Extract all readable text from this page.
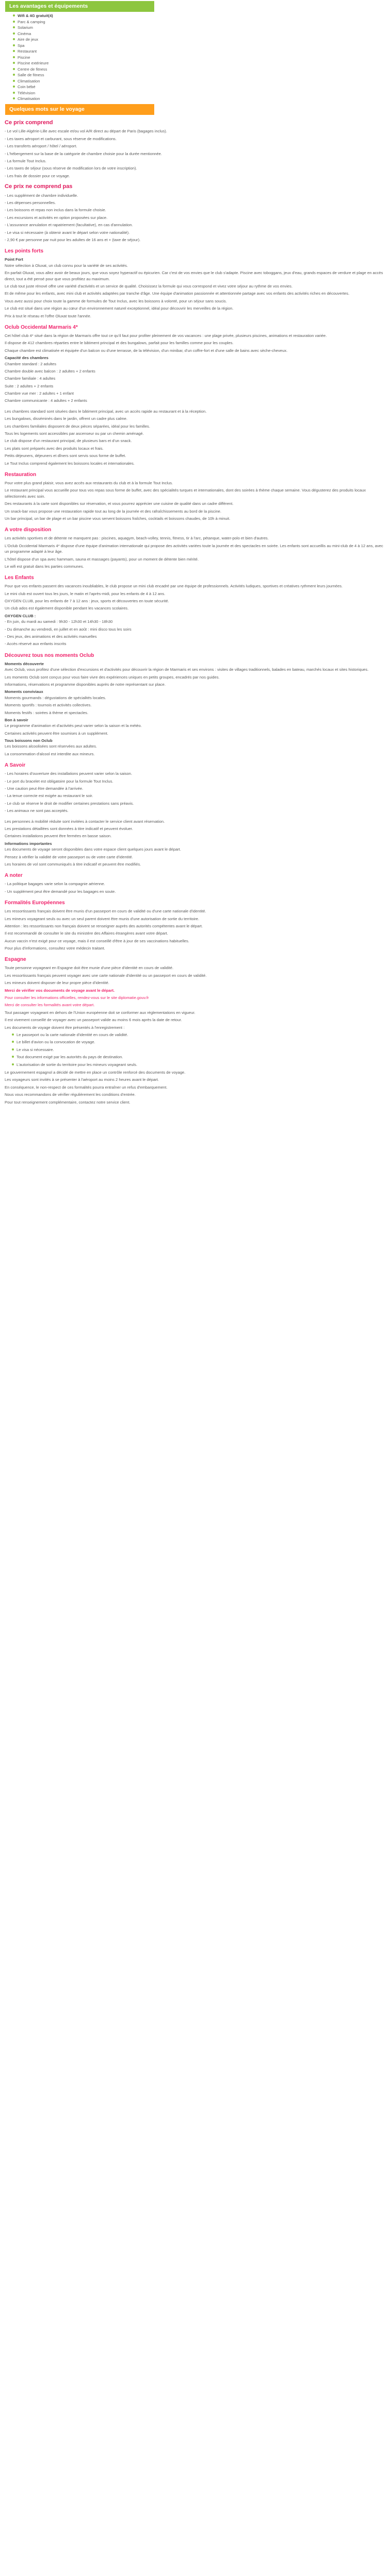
Les avantages et équipements
Wifi & 4G gratuit(4)
Parc & camping
Solarium
Cinéma
Aire de jeux
Spa
Restaurant
Piscine
Piscine extérieure
Centre de fitness
Salle de fitness
Climatisation
Coin bébé
Télévision
Climatisation
Quelques mots sur le voyage
Ce prix comprend

- Le vol Lille-Algérie-Lille avec escale et/ou vol A/R direct au départ de Paris (bagages inclus).

- Les taxes aéroport et carburant, sous réserve de modifications.

- Les transferts aéroport / hôtel / aéroport.

- L'hébergement sur la base de la catégorie de chambre choisie pour la durée mentionnée.

- La formule Tout Inclus.

- Les taxes de séjour (sous réserve de modification lors de votre inscription).

- Les frais de dossier pour ce voyage.

Ce prix ne comprend pas

- Les supplément de chambre individuelle.

- Les dépenses personnelles.

- Les boissons et repas non inclus dans la formule choisie.

- Les excursions et activités en option proposées sur place.

- L'assurance annulation et rapatriement (facultative), en cas d'annulation.

- Le visa si nécessaire (à obtenir avant le départ selon votre nationalité).

- 2,90 € par personne par nuit pour les adultes de 16 ans et + (taxe de séjour).

Les points forts
Point Fort

Notre sélection à Oluxat, un club connu pour la variété de ses activités.

En parfait Oluxat, vous allez avoir de beaux jours, que vous soyez hyperactif ou épicurien. Car c'est de vos envies que le club s'adapte. Piscine avec toboggans, jeux d'eau, grands espaces de verdure et plage en accès direct, tout a été pensé pour que vous profitiez au maximum.

Le club tout juste rénové offre une variété d'activités et un service de qualité. Choisissez la formule qui vous correspond et vivez votre séjour au rythme de vos envies.

Et de même pour les enfants, avec mini club et activités adaptées par tranche d'âge. Une équipe d'animation passionnée et attentionnée partage avec vos enfants des activités riches en découvertes.

Vous avez aussi pour choix toute la gamme de formules de Tout Inclus, avec les boissons à volonté, pour un séjour sans soucis.

Le club est situé dans une région au cœur d'un environnement naturel exceptionnel, idéal pour découvrir les merveilles de la région.

Prix à tout le réseau et l'offre Oluxat toute l'année.

Oclub Occidental Marmaris 4*

Cet hôtel club 4* situé dans la région de Marmaris offre tout ce qu'il faut pour profiter pleinement de vos vacances : une plage privée, plusieurs piscines, animations et restauration variée.

Il dispose de 412 chambres réparties entre le bâtiment principal et des bungalows, parfait pour les familles comme pour les couples.

Chaque chambre est climatisée et équipée d'un balcon ou d'une terrasse, de la télévision, d'un minibar, d'un coffre-fort et d'une salle de bains avec sèche-cheveux.

Capacité des chambres

Chambre standard : 2 adultes

Chambre double avec balcon : 2 adultes + 2 enfants

Chambre familiale : 4 adultes

Suite : 2 adultes + 2 enfants

Chambre vue mer : 2 adultes + 1 enfant

Chambre communicante : 4 adultes + 2 enfants

Les chambres standard sont situées dans le bâtiment principal, avec un accès rapide au restaurant et à la réception.

Les bungalows, disséminés dans le jardin, offrent un cadre plus calme.

Les chambres familiales disposent de deux pièces séparées, idéal pour les familles.

Tous les logements sont accessibles par ascenseur ou par un chemin aménagé.

Le club dispose d'un restaurant principal, de plusieurs bars et d'un snack.

Les plats sont préparés avec des produits locaux et frais.

Petits déjeuners, déjeuners et dîners sont servis sous forme de buffet.

Le Tout Inclus comprend également les boissons locales et internationales.

Restauration

Pour votre plus grand plaisir, vous avez accès aux restaurants du club et à la formule Tout Inclus.

Le restaurant principal vous accueille pour tous vos repas sous forme de buffet, avec des spécialités turques et internationales, dont des soirées à thème chaque semaine. Vous dégusterez des produits locaux sélectionnés avec soin.

Des restaurants à la carte sont disponibles sur réservation, et vous pourrez apprécier une cuisine de qualité dans un cadre différent.

Un snack-bar vous propose une restauration rapide tout au long de la journée et des rafraîchissements au bord de la piscine.

Un bar principal, un bar de plage et un bar piscine vous servent boissons fraîches, cocktails et boissons chaudes, de 10h à minuit.

A votre disposition

Les activités sportives et de détente ne manquent pas : piscines, aquagym, beach-volley, tennis, fitness, tir à l'arc, pétanque, water-polo et bien d'autres.

L'Oclub Occidental Marmaris 4* dispose d'une équipe d'animation internationale qui propose des activités variées toute la journée et des spectacles en soirée. Les enfants sont accueillis au mini-club de 4 à 12 ans, avec un programme adapté à leur âge.

L'hôtel dispose d'un spa avec hammam, sauna et massages (payants), pour un moment de détente bien mérité.

Le wifi est gratuit dans les parties communes.

Les Enfants

Pour que vos enfants passent des vacances inoubliables, le club propose un mini club encadré par une équipe de professionnels. Activités ludiques, sportives et créatives rythment leurs journées.

Le mini club est ouvert tous les jours, le matin et l'après-midi, pour les enfants de 4 à 12 ans.

OXYGEN CLUB, pour les enfants de 7 à 12 ans : jeux, sports et découvertes en toute sécurité.

Un club ados est également disponible pendant les vacances scolaires.

OXYGEN CLUB :

- En juin, du mardi au samedi : 9h30 - 12h30 et 14h30 - 18h30

- Du dimanche au vendredi, en juillet et en août : mini disco tous les soirs

- Des jeux, des animations et des activités manuelles

- Accès réservé aux enfants inscrits

Découvrez tous nos moments Oclub
Moments découverte

Avec Oclub, vous profitez d'une sélection d'excursions et d'activités pour découvrir la région de Marmaris et ses environs : visites de villages traditionnels, balades en bateau, marchés locaux et sites historiques.

Les moments Oclub sont conçus pour vous faire vivre des expériences uniques en petits groupes, encadrés par nos guides.

Informations, réservations et programme disponibles auprès de notre représentant sur place.

Moments conviviaux

Moments gourmands : dégustations de spécialités locales.

Moments sportifs : tournois et activités collectives.

Moments festifs : soirées à thème et spectacles.

Bon à savoir

Le programme d'animation et d'activités peut varier selon la saison et la météo.

Certaines activités peuvent être soumises à un supplément.

Tous boissons non Oclub

Les boissons alcoolisées sont réservées aux adultes.

La consommation d'alcool est interdite aux mineurs.

A Savoir

- Les horaires d'ouverture des installations peuvent varier selon la saison.

- Le port du bracelet est obligatoire pour la formule Tout Inclus.

- Une caution peut être demandée à l'arrivée.

- La tenue correcte est exigée au restaurant le soir.

- Le club se réserve le droit de modifier certaines prestations sans préavis.

- Les animaux ne sont pas acceptés.

Les personnes à mobilité réduite sont invitées à contacter le service client avant réservation.

Les prestations détaillées sont données à titre indicatif et peuvent évoluer.

Certaines installations peuvent être fermées en basse saison.

Informations importantes

Les documents de voyage seront disponibles dans votre espace client quelques jours avant le départ.

Pensez à vérifier la validité de votre passeport ou de votre carte d'identité.

Les horaires de vol sont communiqués à titre indicatif et peuvent être modifiés.

A noter

- La politique bagages varie selon la compagnie aérienne.

- Un supplément peut être demandé pour les bagages en soute.

Formalités Européennes

Les ressortissants français doivent être munis d'un passeport en cours de validité ou d'une carte nationale d'identité.

Les mineurs voyageant seuls ou avec un seul parent doivent être munis d'une autorisation de sortie du territoire.

Attention : les ressortissants non français doivent se renseigner auprès des autorités compétentes avant le départ.

Il est recommandé de consulter le site du ministère des Affaires étrangères avant votre départ.

Aucun vaccin n'est exigé pour ce voyage, mais il est conseillé d'être à jour de ses vaccinations habituelles.

Pour plus d'informations, consultez votre médecin traitant.

Espagne

Toute personne voyageant en Espagne doit être munie d'une pièce d'identité en cours de validité.

Les ressortissants français peuvent voyager avec une carte nationale d'identité ou un passeport en cours de validité.

Les mineurs doivent disposer de leur propre pièce d'identité.

Merci de vérifier vos documents de voyage avant le départ.

Pour consulter les informations officielles, rendez-vous sur le site diplomatie.gouv.fr

Merci de consulter les formalités avant votre départ.

Tout passager voyageant en dehors de l'Union européenne doit se conformer aux réglementations en vigueur.

Il est vivement conseillé de voyager avec un passeport valide au moins 6 mois après la date de retour.

Les documents de voyage doivent être présentés à l'enregistrement :

Le passeport ou la carte nationale d'identité en cours de validité.
Le billet d'avion ou la convocation de voyage.
Le visa si nécessaire.
Tout document exigé par les autorités du pays de destination.
L'autorisation de sortie du territoire pour les mineurs voyageant seuls.

Le gouvernement espagnol a décidé de mettre en place un contrôle renforcé des documents de voyage.

Les voyageurs sont invités à se présenter à l'aéroport au moins 2 heures avant le départ.

En conséquence, le non-respect de ces formalités pourra entraîner un refus d'embarquement.

Nous vous recommandons de vérifier régulièrement les conditions d'entrée.

Pour tout renseignement complémentaire, contactez notre service client.
